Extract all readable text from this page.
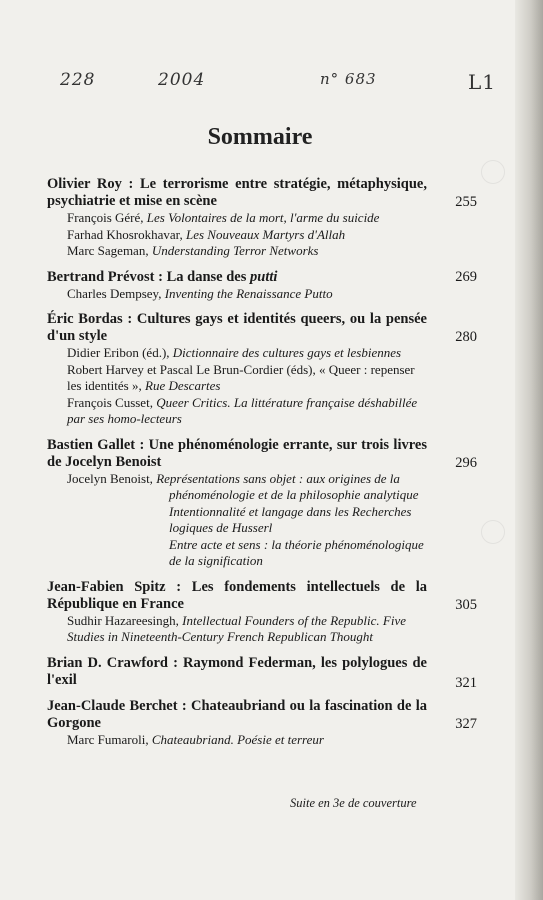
228	2004	n° 683	L1
Sommaire
Olivier Roy : Le terrorisme entre stratégie, métaphysique, psychiatrie et mise en scène	255
François Géré, Les Volontaires de la mort, l'arme du suicide
Farhad Khosrokhavar, Les Nouveaux Martyrs d'Allah
Marc Sageman, Understanding Terror Networks
Bertrand Prévost : La danse des putti	269
Charles Dempsey, Inventing the Renaissance Putto
Éric Bordas : Cultures gays et identités queers, ou la pensée d'un style	280
Didier Eribon (éd.), Dictionnaire des cultures gays et lesbiennes
Robert Harvey et Pascal Le Brun-Cordier (éds), « Queer : repenser les identités », Rue Descartes
François Cusset, Queer Critics. La littérature française déshabillée par ses homo-lecteurs
Bastien Gallet : Une phénoménologie errante, sur trois livres de Jocelyn Benoist	296
Jocelyn Benoist, Représentations sans objet : aux origines de la
phénoménologie et de la philosophie analytique
Intentionnalité et langage dans les Recherches logiques de Husserl
Entre acte et sens : la théorie phénoménologique de la signification
Jean-Fabien Spitz : Les fondements intellectuels de la République en France	305
Sudhir Hazareesingh, Intellectual Founders of the Republic. Five Studies in Nineteenth-Century French Republican Thought
Brian D. Crawford : Raymond Federman, les polylogues de l'exil	321
Jean-Claude Berchet : Chateaubriand ou la fascination de la Gorgone	327
Marc Fumaroli, Chateaubriand. Poésie et terreur
Suite en 3e de couverture
